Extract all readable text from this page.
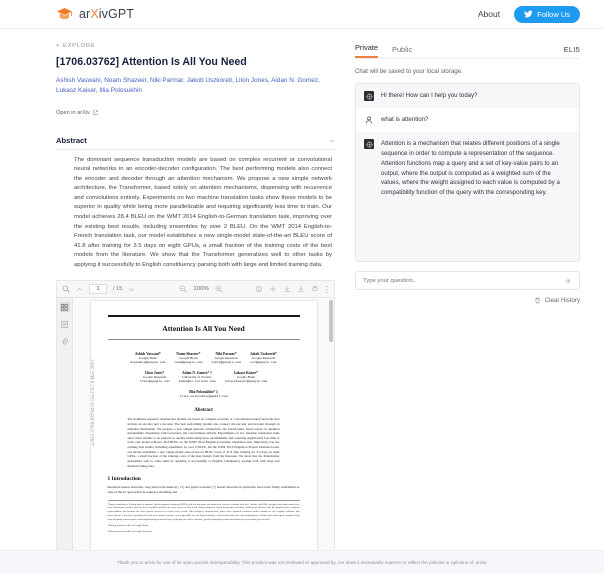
arXivGPT	About	Follow Us
« EXPLORE
[1706.03762] Attention Is All You Need
Ashish Vaswani, Noam Shazeer, Niki Parmar, Jakob Uszkoreit, Llion Jones, Aidan N. Gomez, Lukasz Kaiser, Illia Polosukhin
Open in arXiv
Abstract	⌄
The dominant sequence transduction models are based on complex recurrent or convolutional neural networks in an encoder-decoder configuration. The best performing models also connect the encoder and decoder through an attention mechanism. We propose a new simple network architecture, the Transformer, based solely on attention mechanisms, dispensing with recurrence and convolutions entirely. Experiments on two machine translation tasks show these models to be superior in quality while being more parallelizable and requiring significantly less time to train. Our model achieves 28.4 BLEU on the WMT 2014 English-to-German translation task, improving over the existing best results, including ensembles by over 2 BLEU. On the WMT 2014 English-to-French translation task, our model establishes a new single-model state-of-the-art BLEU score of 41.8 after training for 3.5 days on eight GPUs, a small fraction of the training costs of the best models from the literature. We show that the Transformer generalizes well to other tasks by applying it successfully to English constituency parsing both with large and limited training data.
1
/ 15	100%
arXiv:1706.03762v5 [cs.CL] 6 Dec 2017
Attention Is All You Need
Ashish Vaswani*
Google Brain
avaswani@google.com
Noam Shazeer*
Google Brain
noam@google.com
Niki Parmar*
Google Research
nikip@google.com
Jakob Uszkoreit*
Google Research
usz@google.com
Llion Jones*
Google Research
llion@google.com
Aidan N. Gomez* †
University of Toronto
aidan@cs.toronto.edu
Lukasz Kaiser*
Google Brain
lukaszkaiser@google.com
Illia Polosukhin* ‡
illia.polosukhin@gmail.com
Abstract
The dominant sequence transduction models are based on complex recurrent or convolutional neural networks that include an encoder and a decoder. The best performing models also connect the encoder and decoder through an attention mechanism. We propose a new simple network architecture, the Transformer, based solely on attention mechanisms, dispensing with recurrence and convolutions entirely. Experiments on two machine translation tasks show these models to be superior in quality while being more parallelizable and requiring significantly less time to train. Our model achieves 28.4 BLEU on the WMT 2014 English-to-German translation task, improving over the existing best results, including ensembles, by over 2 BLEU. On the WMT 2014 English-to-French translation task, our model establishes a new single-model state-of-the-art BLEU score of 41.8 after training for 3.5 days on eight GPUs, a small fraction of the training costs of the best models from the literature. We show that the Transformer generalizes well to other tasks by applying it successfully to English constituency parsing both with large and limited training data.
1 Introduction
Recurrent neural networks, long short-term memory [13] and gated recurrent [7] neural networks in particular, have been firmly established as state of the art approaches in sequence modeling and
*Equal contribution. Listing order is random. Jakob proposed replacing RNNs with self-attention and started the effort to evaluate this idea. Ashish, with Illia, designed and implemented the first Transformer models and has been crucially involved in every aspect of this work. Noam proposed scaled dot-product attention, multi-head attention and the parameter-free position representation and became the other person involved in nearly every detail. Niki designed, implemented, tuned and evaluated countless model variants in our original codebase and tensor2tensor. Llion also experimented with novel model variants, was responsible for our initial codebase, and efficient inference and visualizations. Lukasz and Aidan spent countless long days designing various parts of and implementing tensor2tensor, replacing our earlier codebase, greatly improving results and massively accelerating our research.
†Work performed while at Google Brain.
‡Work performed while at Google Research.
Private Public	ELI5
Chat will be saved to your local storage.
Hi there! How can I help you today?
what is attention?
Attention is a mechanism that relates different positions of a single sequence in order to compute a representation of the sequence. Attention functions map a query and a set of key-value pairs to an output, where the output is computed as a weighted sum of the values, where the weight assigned to each value is computed by a compatibility function of the query with the corresponding key.
Type your question..
Clear History
Thank you to arXiv for use of its open access interoperability. This product was not reviewed or approved by, nor does it necessarily express or reflect the policies or opinions of, arXiv.
